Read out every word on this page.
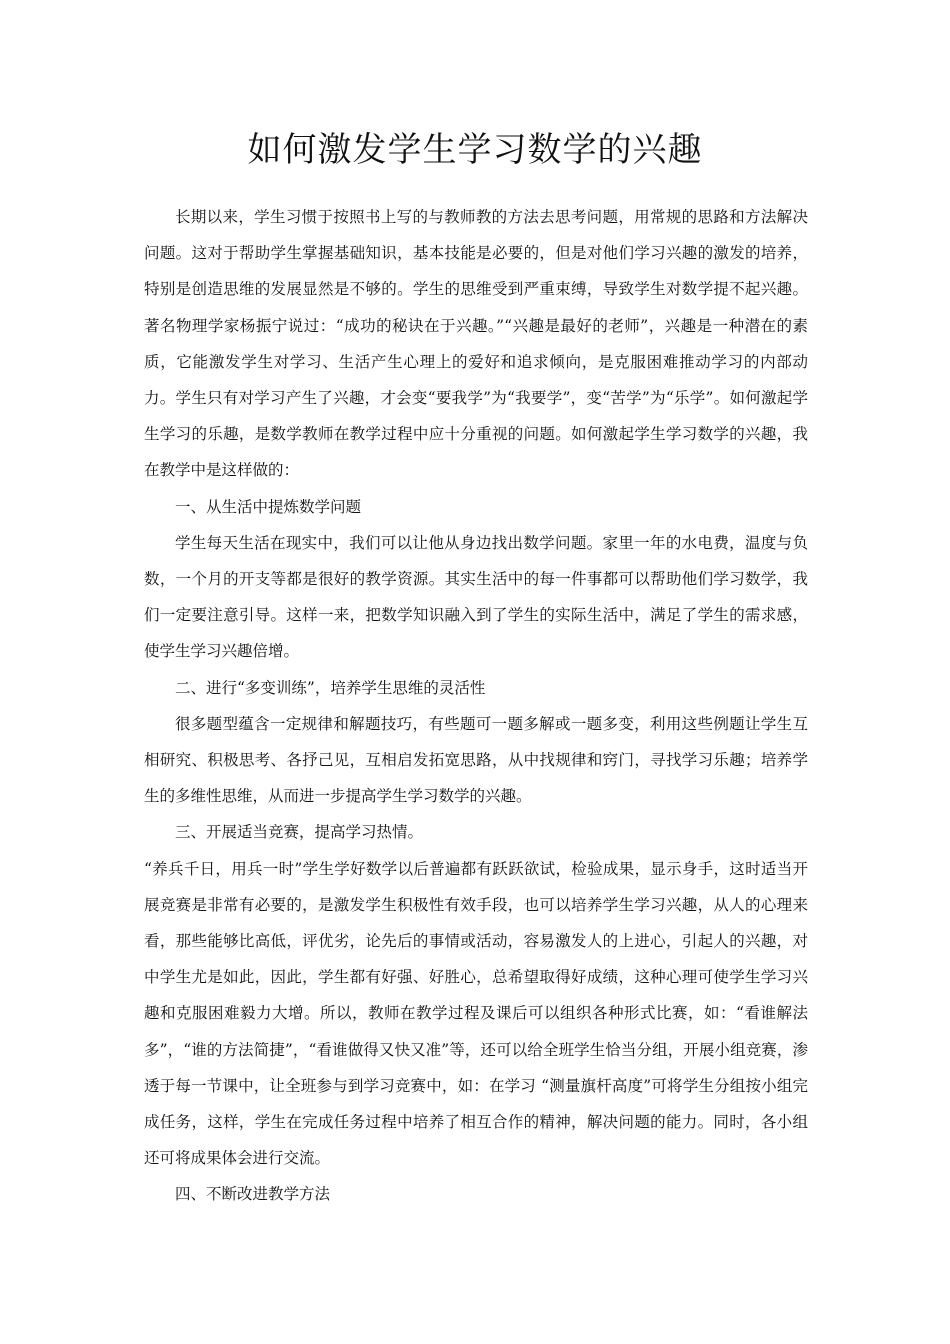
如何激发学生学习数学的兴趣

长期以来，学生习惯于按照书上写的与教师教的方法去思考问题，用常规的思路和方法解决问题。这对于帮助学生掌握基础知识，基本技能是必要的，但是对他们学习兴趣的激发的培养，特别是创造思维的发展显然是不够的。学生的思维受到严重束缚，导致学生对数学提不起兴趣。著名物理学家杨振宁说过：“成功的秘诀在于兴趣。”“兴趣是最好的老师”，兴趣是一种潜在的素质，它能激发学生对学习、生活产生心理上的爱好和追求倾向，是克服困难推动学习的内部动力。学生只有对学习产生了兴趣，才会变“要我学”为“我要学”，变“苦学”为“乐学”。如何激起学生学习的乐趣，是数学教师在教学过程中应十分重视的问题。如何激起学生学习数学的兴趣，我在教学中是这样做的：

一、从生活中提炼数学问题

学生每天生活在现实中，我们可以让他从身边找出数学问题。家里一年的水电费，温度与负数，一个月的开支等都是很好的教学资源。其实生活中的每一件事都可以帮助他们学习数学，我们一定要注意引导。这样一来，把数学知识融入到了学生的实际生活中，满足了学生的需求感，使学生学习兴趣倍增。

二、进行“多变训练”，培养学生思维的灵活性

很多题型蕴含一定规律和解题技巧，有些题可一题多解或一题多变，利用这些例题让学生互相研究、积极思考、各抒己见，互相启发拓宽思路，从中找规律和窍门，寻找学习乐趣；培养学生的多维性思维，从而进一步提高学生学习数学的兴趣。

三、开展适当竞赛，提高学习热情。

“养兵千日，用兵一时”学生学好数学以后普遍都有跃跃欲试，检验成果，显示身手，这时适当开展竞赛是非常有必要的，是激发学生积极性有效手段，也可以培养学生学习兴趣，从人的心理来看，那些能够比高低，评优劣，论先后的事情或活动，容易激发人的上进心，引起人的兴趣，对中学生尤是如此，因此，学生都有好强、好胜心，总希望取得好成绩，这种心理可使学生学习兴趣和克服困难毅力大增。所以，教师在教学过程及课后可以组织各种形式比赛，如：“看谁解法多”，“谁的方法简捷”，“看谁做得又快又准”等，还可以给全班学生恰当分组，开展小组竞赛，渗透于每一节课中，让全班参与到学习竞赛中，如：在学习 “测量旗杆高度”可将学生分组按小组完成任务，这样，学生在完成任务过程中培养了相互合作的精神，解决问题的能力。同时，各小组还可将成果体会进行交流。

四、不断改进教学方法
